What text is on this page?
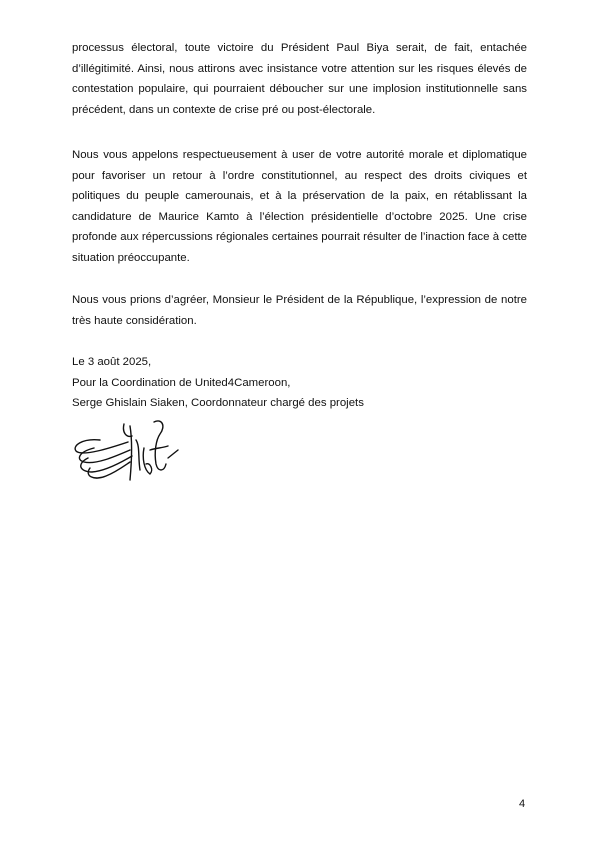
processus électoral, toute victoire du Président Paul Biya serait, de fait, entachée d’illégitimité. Ainsi, nous attirons avec insistance votre attention sur les risques élevés de contestation populaire, qui pourraient déboucher sur une implosion institutionnelle sans précédent, dans un contexte de crise pré ou post-électorale.

Nous vous appelons respectueusement à user de votre autorité morale et diplomatique pour favoriser un retour à l’ordre constitutionnel, au respect des droits civiques et politiques du peuple camerounais, et à la préservation de la paix, en rétablissant la candidature de Maurice Kamto à l’élection présidentielle d’octobre 2025. Une crise profonde aux répercussions régionales certaines pourrait résulter de l’inaction face à cette situation préoccupante.

Nous vous prions d’agréer, Monsieur le Président de la République, l’expression de notre très haute considération.

Le 3 août 2025,
Pour la Coordination de United4Cameroon,
Serge Ghislain Siaken, Coordonnateur chargé des projets
4
